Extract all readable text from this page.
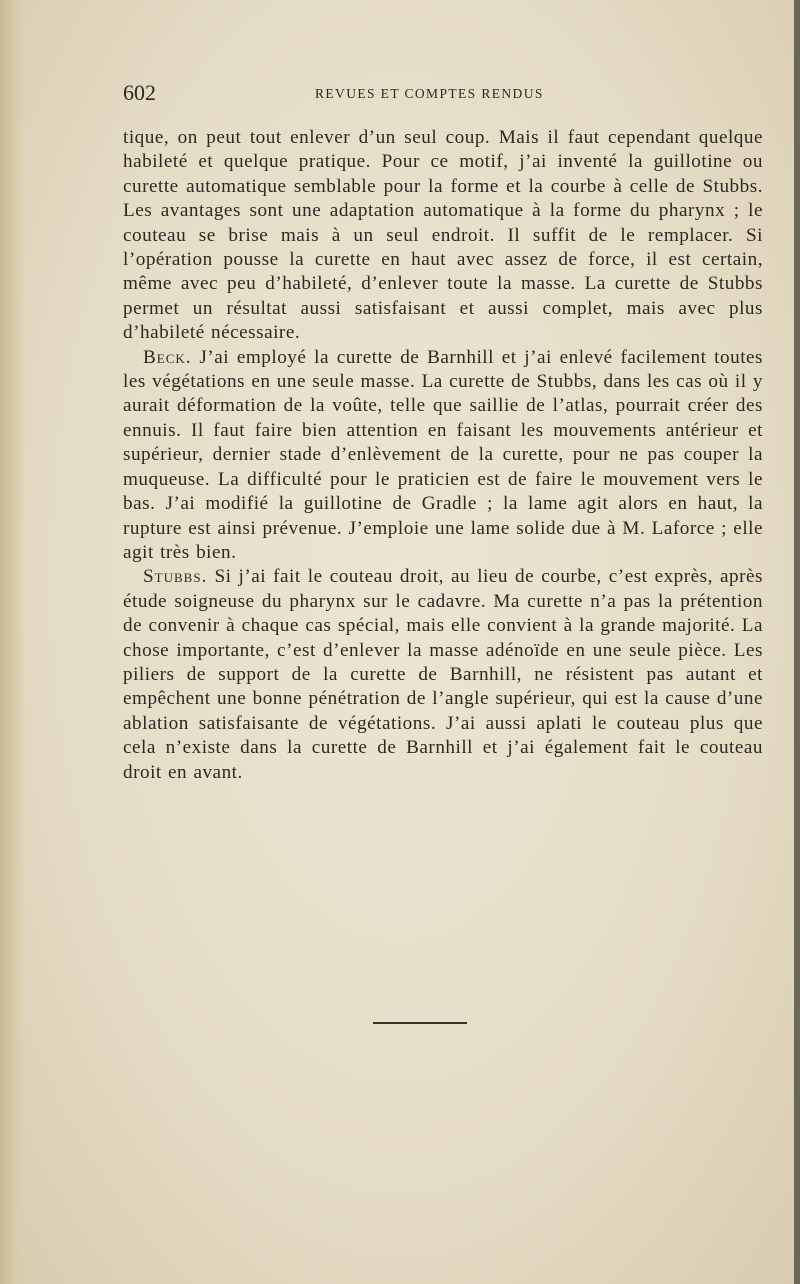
602	REVUES ET COMPTES RENDUS

tique, on peut tout enlever d’un seul coup. Mais il faut cependant quelque habileté et quelque pratique. Pour ce motif, j’ai inventé la guillotine ou curette automatique semblable pour la forme et la courbe à celle de Stubbs. Les avantages sont une adaptation automatique à la forme du pharynx ; le couteau se brise mais à un seul endroit. Il suffit de le remplacer. Si l’opération pousse la curette en haut avec assez de force, il est certain, même avec peu d’habileté, d’enlever toute la masse. La curette de Stubbs permet un résultat aussi satisfaisant et aussi complet, mais avec plus d’habileté nécessaire.

Beck. J’ai employé la curette de Barnhill et j’ai enlevé facilement toutes les végétations en une seule masse. La curette de Stubbs, dans les cas où il y aurait déformation de la voûte, telle que saillie de l’atlas, pourrait créer des ennuis. Il faut faire bien attention en faisant les mouvements antérieur et supérieur, dernier stade d’enlèvement de la curette, pour ne pas couper la muqueuse. La difficulté pour le praticien est de faire le mouvement vers le bas. J’ai modifié la guillotine de Gradle ; la lame agit alors en haut, la rupture est ainsi prévenue. J’emploie une lame solide due à M. Laforce ; elle agit très bien.

Stubbs. Si j’ai fait le couteau droit, au lieu de courbe, c’est exprès, après étude soigneuse du pharynx sur le cadavre. Ma curette n’a pas la prétention de convenir à chaque cas spécial, mais elle convient à la grande majorité. La chose importante, c’est d’enlever la masse adénoïde en une seule pièce. Les piliers de support de la curette de Barnhill, ne résistent pas autant et empêchent une bonne pénétration de l’angle supérieur, qui est la cause d’une ablation satisfaisante de végétations. J’ai aussi aplati le couteau plus que cela n’existe dans la curette de Barnhill et j’ai également fait le couteau droit en avant.
